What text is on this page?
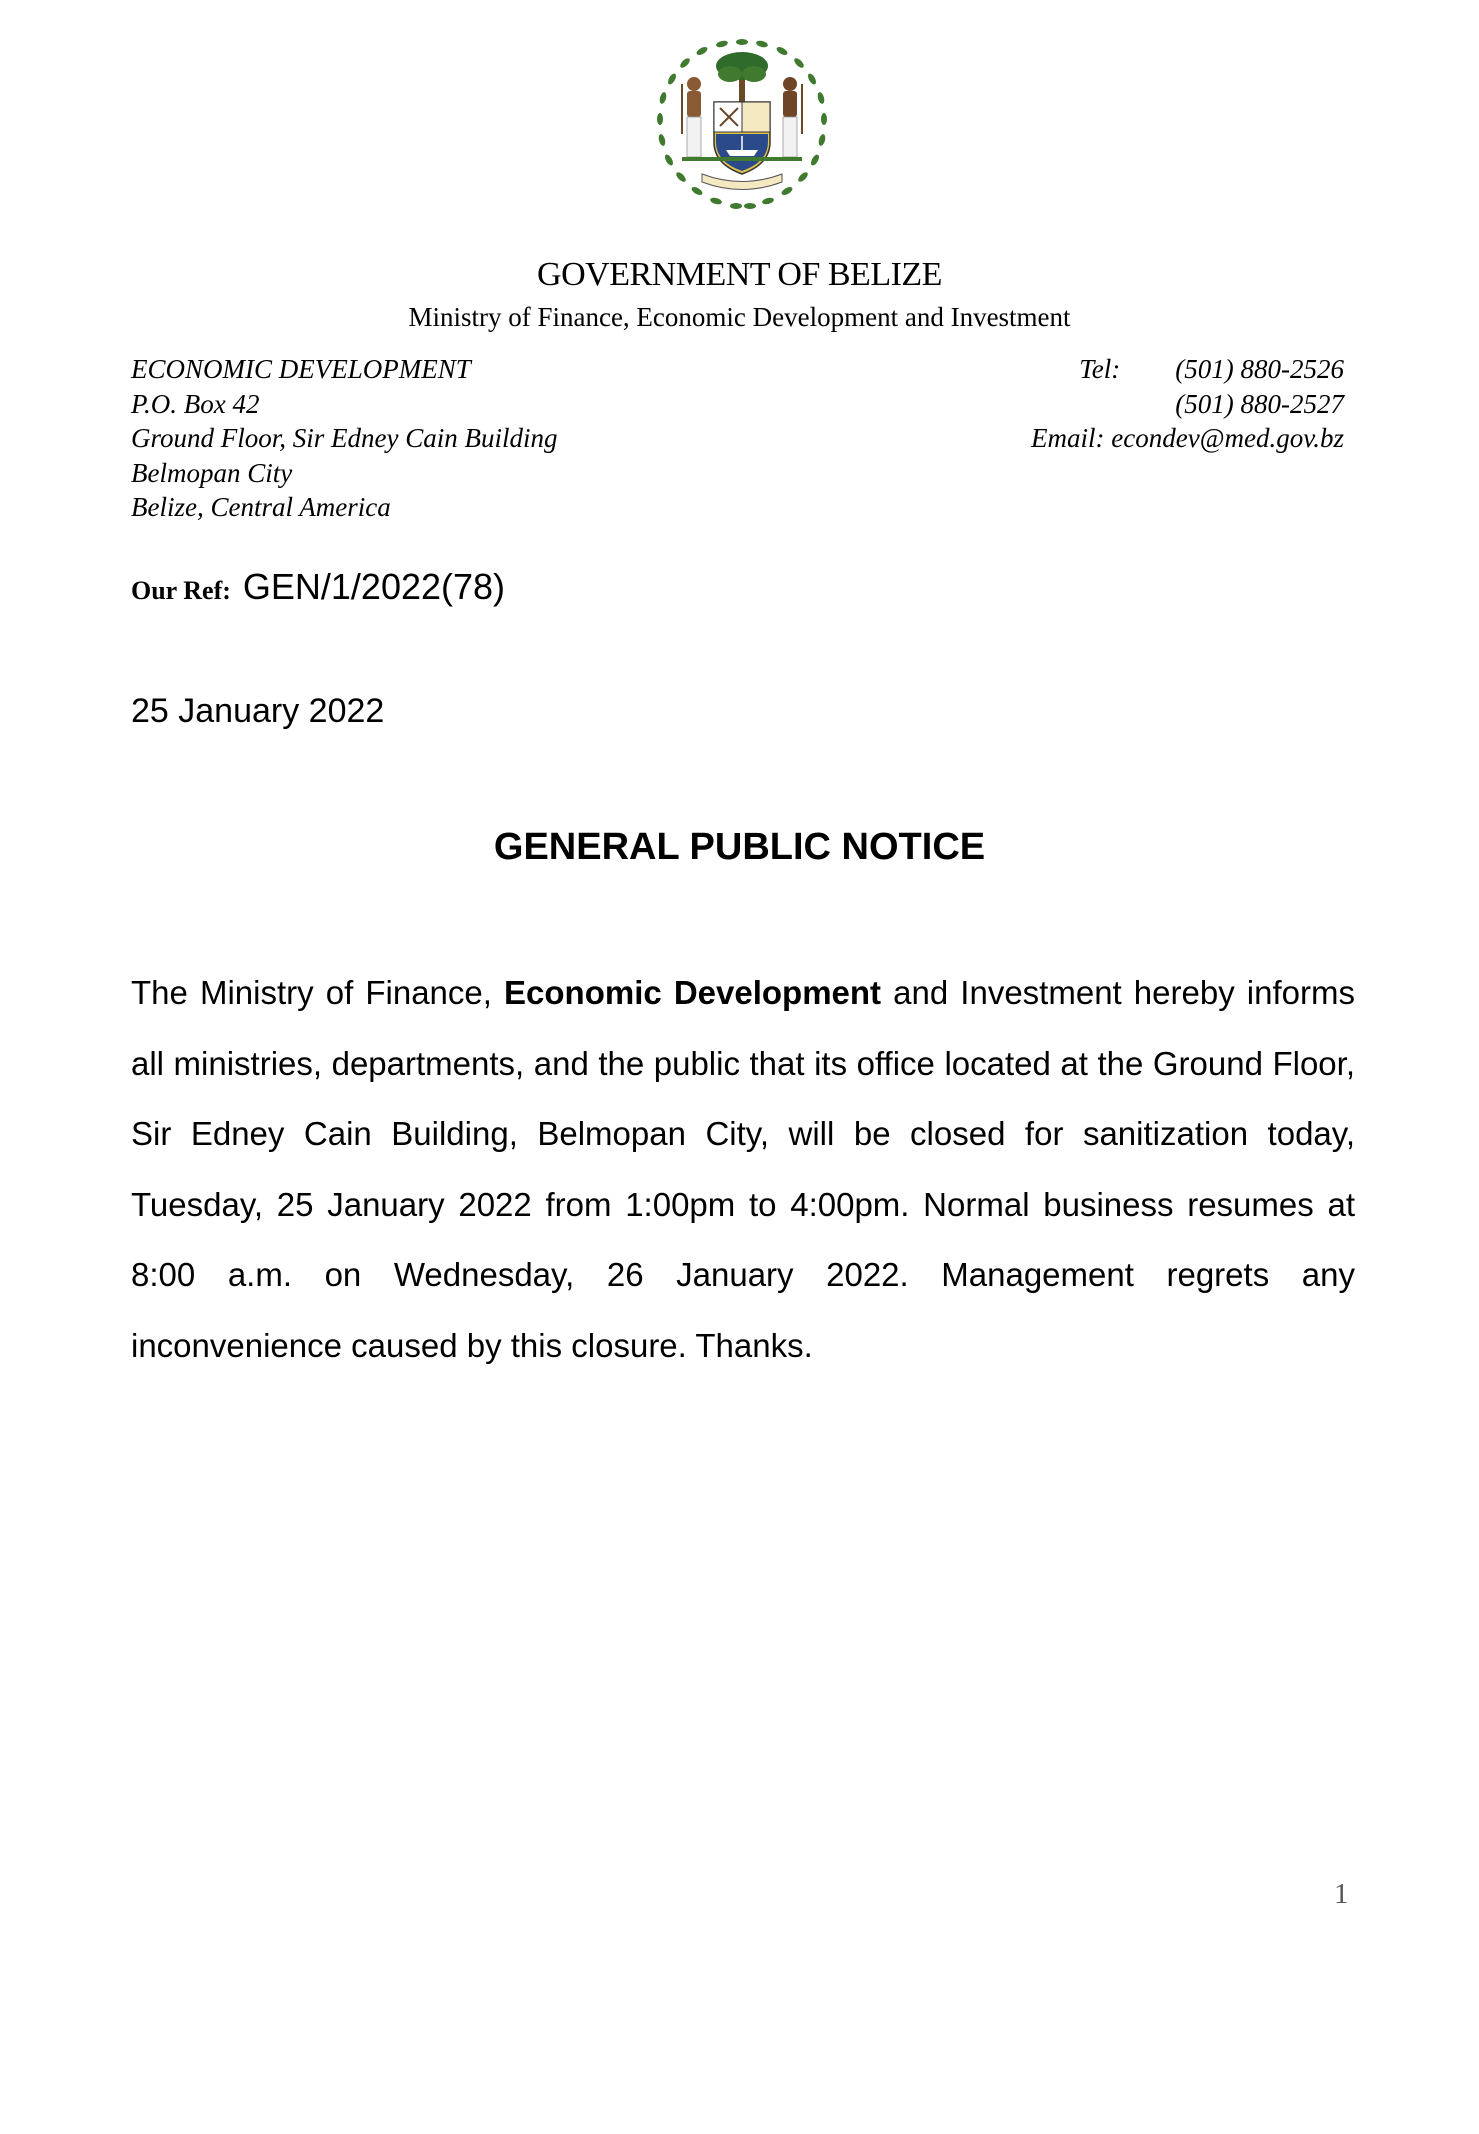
GOVERNMENT OF BELIZE
Ministry of Finance, Economic Development and Investment
ECONOMIC DEVELOPMENT
P.O. Box 42
Ground Floor, Sir Edney Cain Building
Belmopan City
Belize, Central America
Tel: (501) 880-2526
(501) 880-2527
Email: econdev@med.gov.bz
Our Ref: GEN/1/2022(78)
25 January 2022
GENERAL PUBLIC NOTICE
The Ministry of Finance, Economic Development and Investment hereby informs all ministries, departments, and the public that its office located at the Ground Floor, Sir Edney Cain Building, Belmopan City, will be closed for sanitization today, Tuesday, 25 January 2022 from 1:00pm to 4:00pm. Normal business resumes at 8:00 a.m. on Wednesday, 26 January 2022. Management regrets any inconvenience caused by this closure. Thanks.
1
